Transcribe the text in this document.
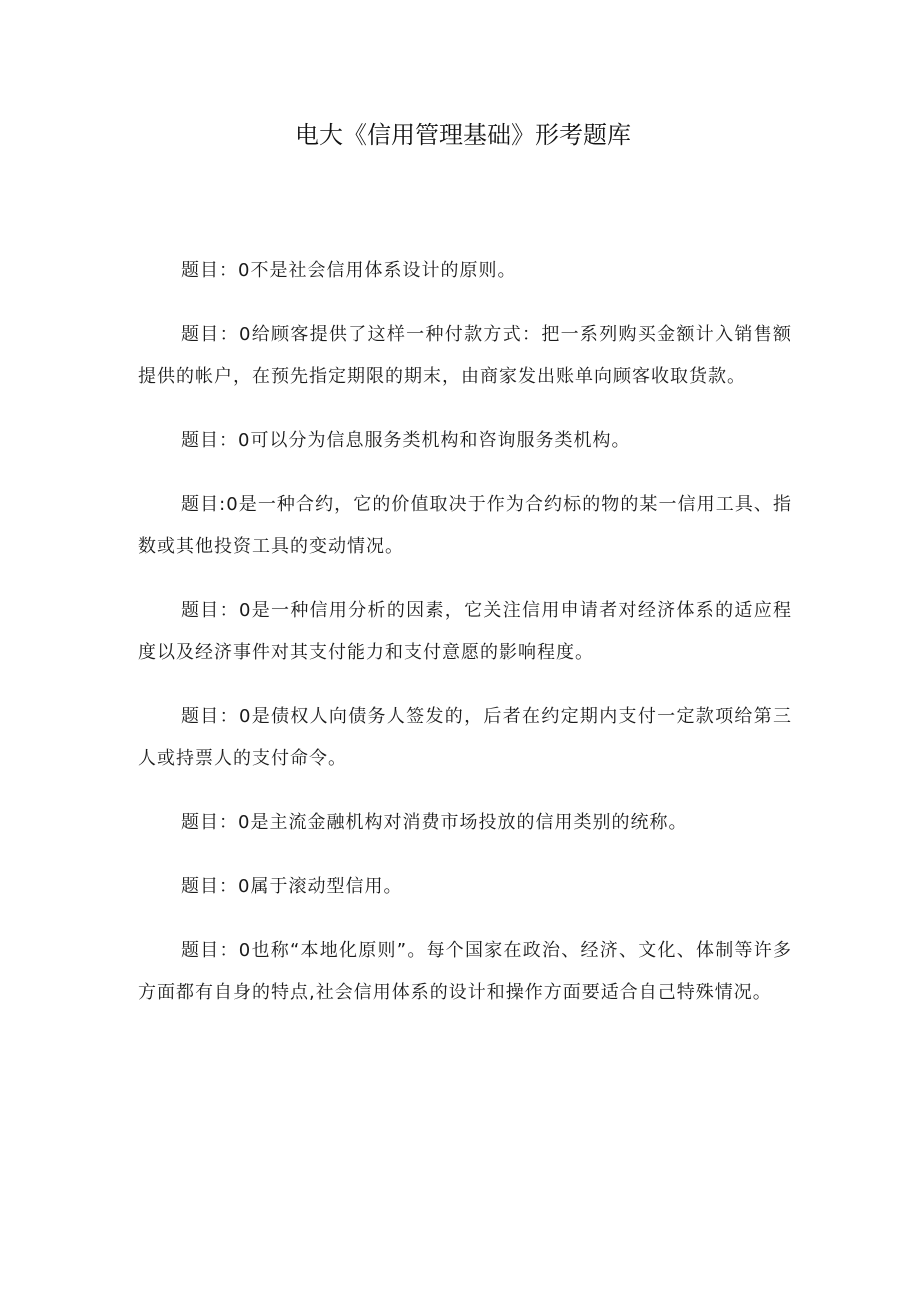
电大《信用管理基础》形考题库

题目：0不是社会信用体系设计的原则。

题目：0给顾客提供了这样一种付款方式：把一系列购买金额计入销售额提供的帐户，在预先指定期限的期末，由商家发出账单向顾客收取货款。

题目：0可以分为信息服务类机构和咨询服务类机构。

题目:0是一种合约，它的价值取决于作为合约标的物的某一信用工具、指数或其他投资工具的变动情况。

题目：0是一种信用分析的因素，它关注信用申请者对经济体系的适应程度以及经济事件对其支付能力和支付意愿的影响程度。

题目：0是债权人向债务人签发的，后者在约定期内支付一定款项给第三人或持票人的支付命令。

题目：0是主流金融机构对消费市场投放的信用类别的统称。

题目：0属于滚动型信用。

题目：0也称“本地化原则”。每个国家在政治、经济、文化、体制等许多方面都有自身的特点,社会信用体系的设计和操作方面要适合自己特殊情况。
